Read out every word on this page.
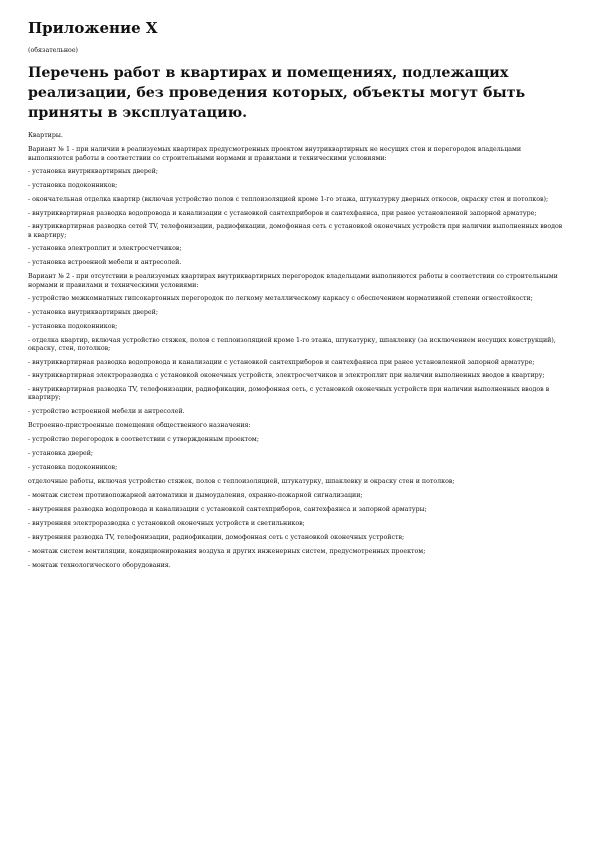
Приложение Х
(обязательное)
Перечень работ в квартирах и помещениях, подлежащих реализации, без проведения которых, объекты могут быть приняты в эксплуатацию.

Квартиры.

Вариант № 1 - при наличии в реализуемых квартирах предусмотренных проектом внутриквартирных не несущих стен и перегородок владельцами выполняются работы в соответствии со строительными нормами и правилами и техническими условиями:

- установка внутриквартирных дверей;

- установка подоконников;

- окончательная отделка квартир (включая устройство полов с теплоизоляцией кроме 1-го этажа, штукатурку дверных откосов, окраску стен и потолков);

- внутриквартирная разводка водопровода и канализации с установкой сантехприборов и сантехфаянса, при ранее установленной запорной арматуре;

- внутриквартирная разводка сетей TV, телефонизации, радиофикации, домофонная сеть с установкой оконечных устройств при наличии выполненных вводов в квартиру;

- установка электроплит и электросчетчиков;

- установка встроенной мебели и антресолей.

Вариант № 2 - при отсутствии в реализуемых квартирах внутриквартирных перегородок владельцами выполняются работы в соответствии со строительными нормами и правилами и техническими условиями:

- устройство межкомнатных гипсокартонных перегородок по легкому металлическому каркасу с обеспечением нормативной степени огнестойкости;

- установка внутриквартирных дверей;

- установка подоконников;

- отделка квартир, включая устройство стяжек, полов с теплоизоляцией кроме 1-го этажа, штукатурку, шпаклевку (за исключением несущих конструкций), окраску, стен, потолков;

- внутриквартирная разводка водопровода и канализации с установкой сантехприборов и сантехфаянса при ранее установленной запорной арматуре;

- внутриквартирная электроразводка с установкой оконечных устройств, электросчетчиков и электроплит при наличии выполненных вводов в квартиру;

- внутриквартирная разводка TV, телефонизации, радиофикации, домофонная сеть, с установкой оконечных устройств при наличии выполненных вводов в квартиру;

- устройство встроенной мебели и антресолей.

Встроенно-пристроенные помещения общественного назначения:

- устройство перегородок в соответствии с утвержденным проектом;

- установка дверей;

- установка подоконников;

отделочные работы, включая устройство стяжек, полов с теплоизоляцией, штукатурку, шпаклевку и окраску стен и потолков;

- монтаж систем противопожарной автоматики и дымоудаления, охранно-пожарной сигнализации;

- внутренняя разводка водопровода и канализации с установкой сантехприборов, сантехфаянса и запорной арматуры;

- внутренняя электроразводка с установкой оконечных устройств и светильников;

- внутренняя разводка TV, телефонизации, радиофикации, домофонная сеть с установкой оконечных устройств;

- монтаж систем вентиляции, кондиционирования воздуха и других инженерных систем, предусмотренных проектом;

- монтаж технологического оборудования.
